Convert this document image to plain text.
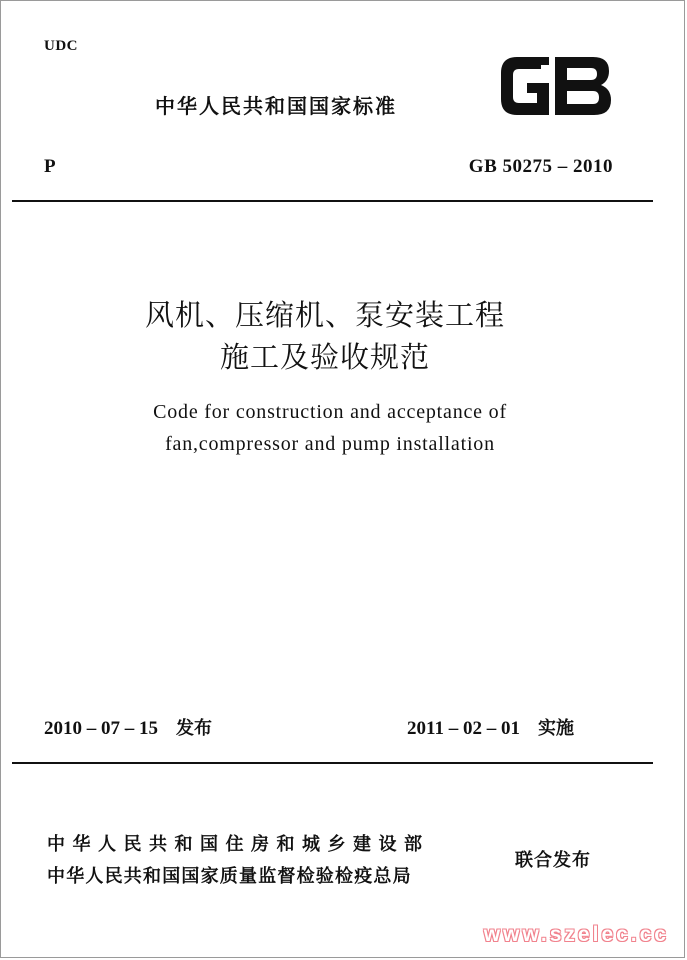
UDC
中华人民共和国国家标准
P	GB 50275 – 2010
风机、压缩机、泵安装工程
施工及验收规范
Code for construction and acceptance of
fan,compressor and pump installation
2010 – 07 – 15 发布	2011 – 02 – 01 实施
中华人民共和国住房和城乡建设部
中华人民共和国国家质量监督检验检疫总局
联合发布
www.szelec.cc
